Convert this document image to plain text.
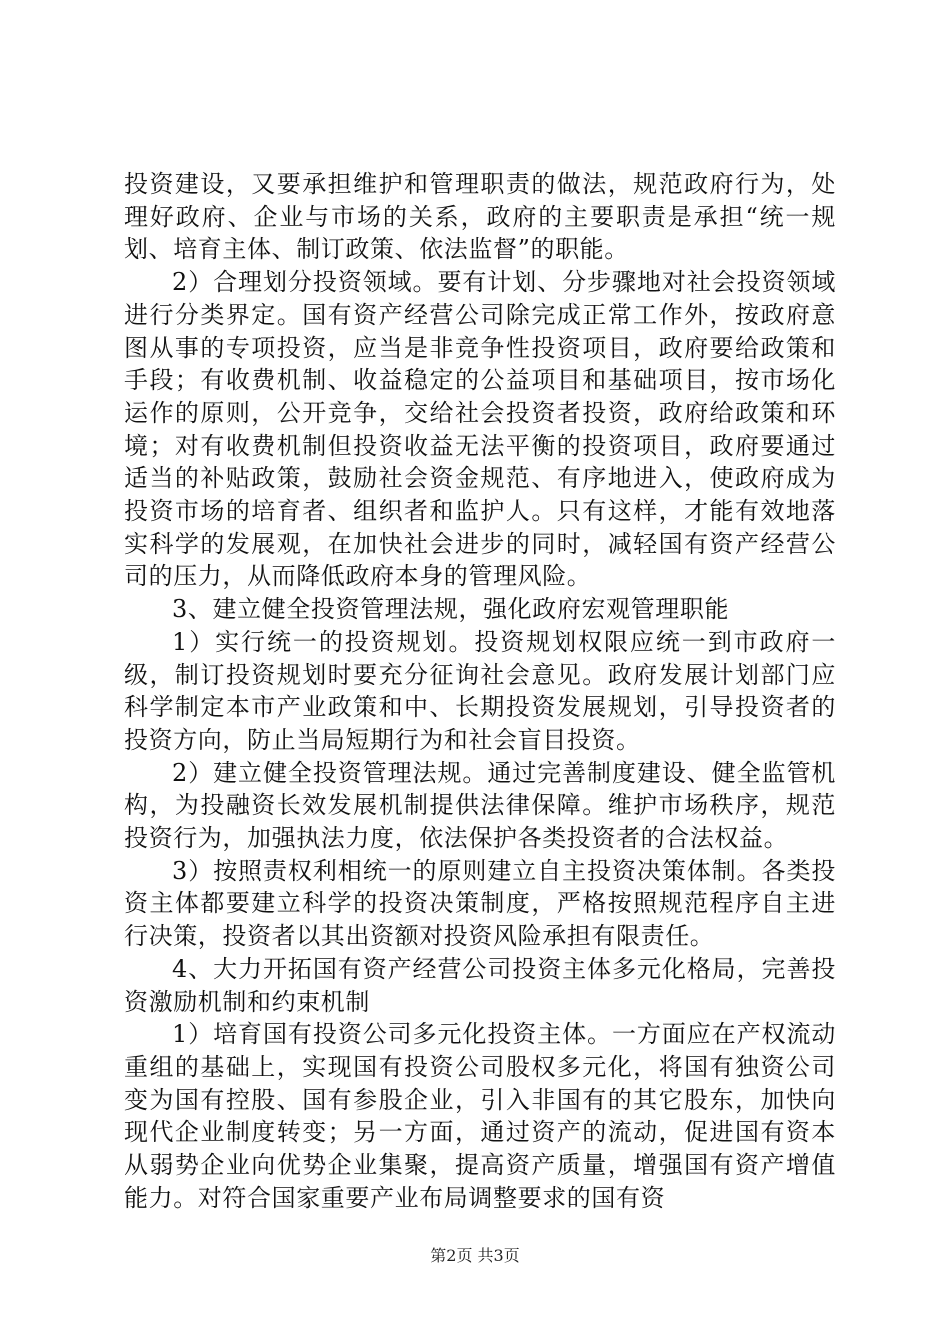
投资建设，又要承担维护和管理职责的做法，规范政府行为，处理好政府、企业与市场的关系，政府的主要职责是承担“统一规划、培育主体、制订政策、依法监督”的职能。

2）合理划分投资领域。要有计划、分步骤地对社会投资领域进行分类界定。国有资产经营公司除完成正常工作外，按政府意图从事的专项投资，应当是非竞争性投资项目，政府要给政策和手段；有收费机制、收益稳定的公益项目和基础项目，按市场化运作的原则，公开竞争，交给社会投资者投资，政府给政策和环境；对有收费机制但投资收益无法平衡的投资项目，政府要通过适当的补贴政策，鼓励社会资金规范、有序地进入，使政府成为投资市场的培育者、组织者和监护人。只有这样，才能有效地落实科学的发展观，在加快社会进步的同时，减轻国有资产经营公司的压力，从而降低政府本身的管理风险。

3、建立健全投资管理法规，强化政府宏观管理职能

1）实行统一的投资规划。投资规划权限应统一到市政府一级，制订投资规划时要充分征询社会意见。政府发展计划部门应科学制定本市产业政策和中、长期投资发展规划，引导投资者的投资方向，防止当局短期行为和社会盲目投资。

2）建立健全投资管理法规。通过完善制度建设、健全监管机构，为投融资长效发展机制提供法律保障。维护市场秩序，规范投资行为，加强执法力度，依法保护各类投资者的合法权益。

3）按照责权利相统一的原则建立自主投资决策体制。各类投资主体都要建立科学的投资决策制度，严格按照规范程序自主进行决策，投资者以其出资额对投资风险承担有限责任。

4、大力开拓国有资产经营公司投资主体多元化格局，完善投资激励机制和约束机制

1）培育国有投资公司多元化投资主体。一方面应在产权流动重组的基础上，实现国有投资公司股权多元化，将国有独资公司变为国有控股、国有参股企业，引入非国有的其它股东，加快向现代企业制度转变；另一方面，通过资产的流动，促进国有资本从弱势企业向优势企业集聚，提高资产质量，增强国有资产增值能力。对符合国家重要产业布局调整要求的国有资

第2页 共3页
